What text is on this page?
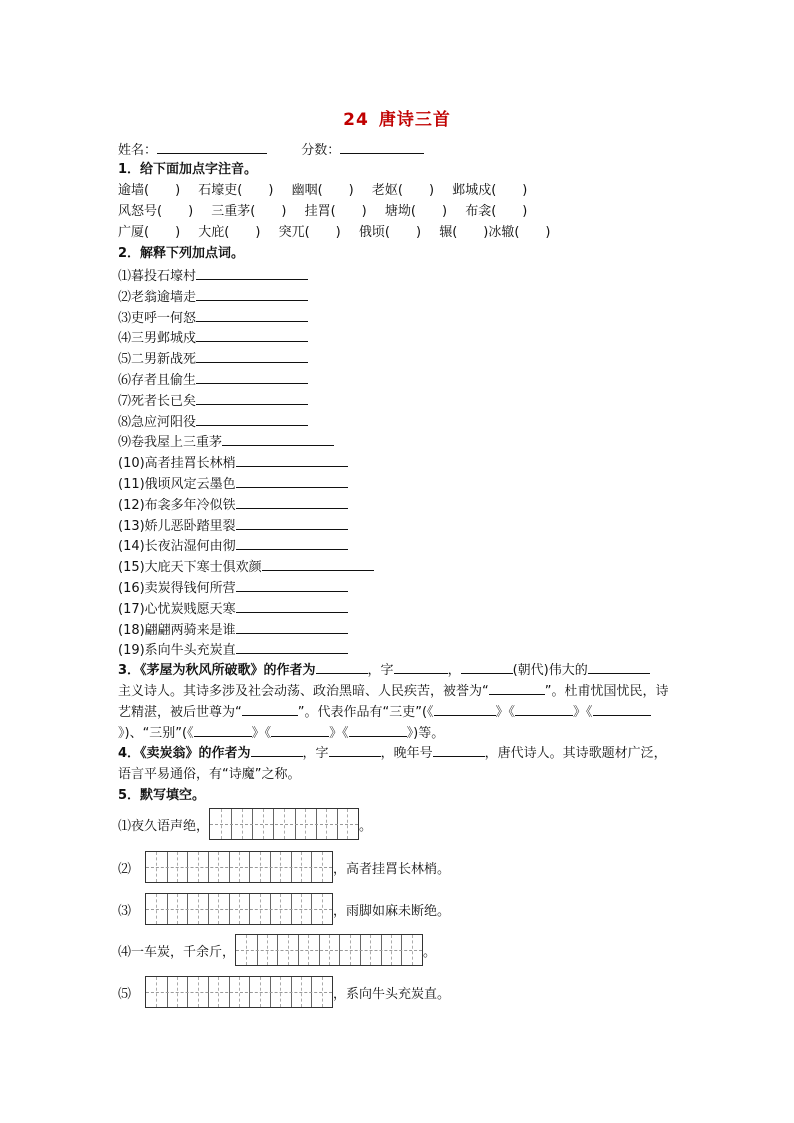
24 唐诗三首
姓名：	分数：
1．给下面加点字注音。
逾墙(　　) 石壕吏(　　) 幽咽(　　) 老妪(　　) 邺城戍(　　)
风怒号(　　) 三重茅(　　) 挂罥(　　) 塘坳(　　) 布衾(　　)
广厦(　　) 大庇(　　) 突兀(　　) 俄顷(　　) 辗(　　)冰辙(　　)
2．解释下列加点词。
⑴暮投石壕村
⑵老翁逾墙走
⑶吏呼一何怒
⑷三男邺城戍
⑸二男新战死
⑹存者且偷生
⑺死者长已矣
⑻急应河阳役
⑼卷我屋上三重茅
(10)高者挂罥长林梢
(11)俄顷风定云墨色
(12)布衾多年冷似铁
(13)娇儿恶卧踏里裂
(14)长夜沾湿何由彻
(15)大庇天下寒士俱欢颜
(16)卖炭得钱何所营
(17)心忧炭贱愿天寒
(18)翩翩两骑来是谁
(19)系向牛头充炭直
3．《茅屋为秋风所破歌》的作者为	，字	，	(朝代)伟大的
主义诗人。其诗多涉及社会动荡、政治黑暗、人民疾苦，被誉为“	”。杜甫忧国忧民，诗艺精湛，被后世尊为“	”。代表作品有“三吏”(《	》《	》《》)、“三别”(《	》《	》《	》)等。
4．《卖炭翁》的作者为	，字	，晚年号	，唐代诗人。其诗歌题材广泛，语言平易通俗，有“诗魔”之称。
5．默写填空。
⑴夜久语声绝，	。
⑵	，高者挂罥长林梢。
⑶	，雨脚如麻未断绝。
⑷一车炭，千余斤，	。
⑸	，系向牛头充炭直。
